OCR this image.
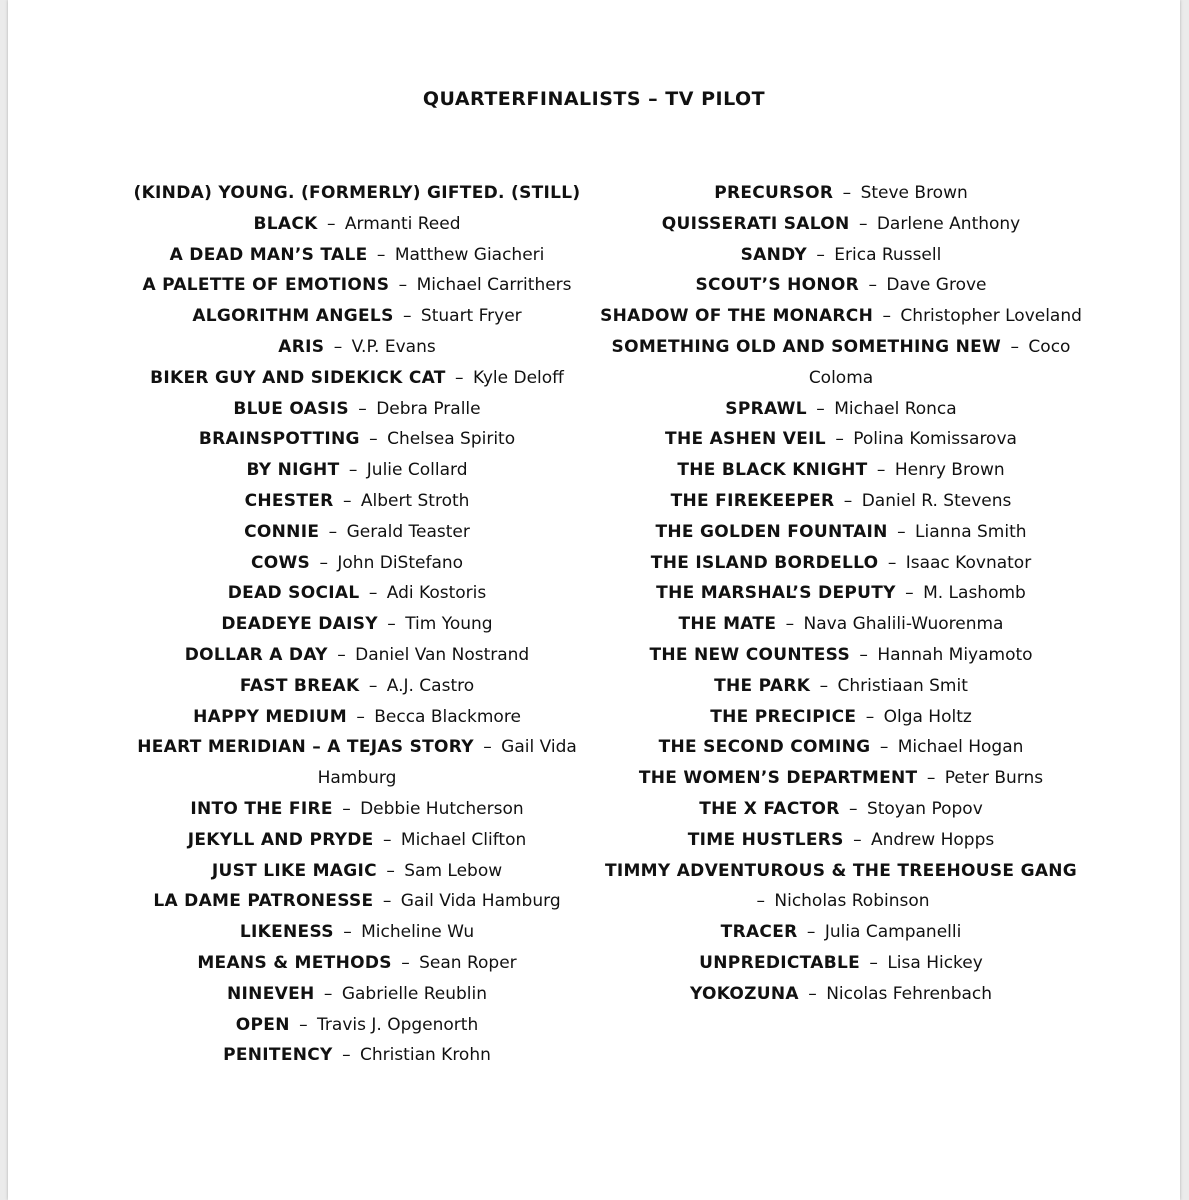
QUARTERFINALISTS – TV PILOT
(KINDA) YOUNG. (FORMERLY) GIFTED. (STILL) BLACK – Armanti Reed
A DEAD MAN’S TALE – Matthew Giacheri
A PALETTE OF EMOTIONS – Michael Carrithers
ALGORITHM ANGELS – Stuart Fryer
ARIS – V.P. Evans
BIKER GUY AND SIDEKICK CAT – Kyle Deloff
BLUE OASIS – Debra Pralle
BRAINSPOTTING – Chelsea Spirito
BY NIGHT – Julie Collard
CHESTER – Albert Stroth
CONNIE – Gerald Teaster
COWS – John DiStefano
DEAD SOCIAL – Adi Kostoris
DEADEYE DAISY – Tim Young
DOLLAR A DAY – Daniel Van Nostrand
FAST BREAK – A.J. Castro
HAPPY MEDIUM – Becca Blackmore
HEART MERIDIAN – A TEJAS STORY – Gail Vida Hamburg
INTO THE FIRE – Debbie Hutcherson
JEKYLL AND PRYDE – Michael Clifton
JUST LIKE MAGIC – Sam Lebow
LA DAME PATRONESSE – Gail Vida Hamburg
LIKENESS – Micheline Wu
MEANS & METHODS – Sean Roper
NINEVEH – Gabrielle Reublin
OPEN – Travis J. Opgenorth
PENITENCY – Christian Krohn
PRECURSOR – Steve Brown
QUISSERATI SALON – Darlene Anthony
SANDY – Erica Russell
SCOUT’S HONOR – Dave Grove
SHADOW OF THE MONARCH – Christopher Loveland
SOMETHING OLD AND SOMETHING NEW – Coco Coloma
SPRAWL – Michael Ronca
THE ASHEN VEIL – Polina Komissarova
THE BLACK KNIGHT – Henry Brown
THE FIREKEEPER – Daniel R. Stevens
THE GOLDEN FOUNTAIN – Lianna Smith
THE ISLAND BORDELLO – Isaac Kovnator
THE MARSHAL’S DEPUTY – M. Lashomb
THE MATE – Nava Ghalili-Wuorenma
THE NEW COUNTESS – Hannah Miyamoto
THE PARK – Christiaan Smit
THE PRECIPICE – Olga Holtz
THE SECOND COMING – Michael Hogan
THE WOMEN’S DEPARTMENT – Peter Burns
THE X FACTOR – Stoyan Popov
TIME HUSTLERS – Andrew Hopps
TIMMY ADVENTUROUS & THE TREEHOUSE GANG – Nicholas Robinson
TRACER – Julia Campanelli
UNPREDICTABLE – Lisa Hickey
YOKOZUNA – Nicolas Fehrenbach
